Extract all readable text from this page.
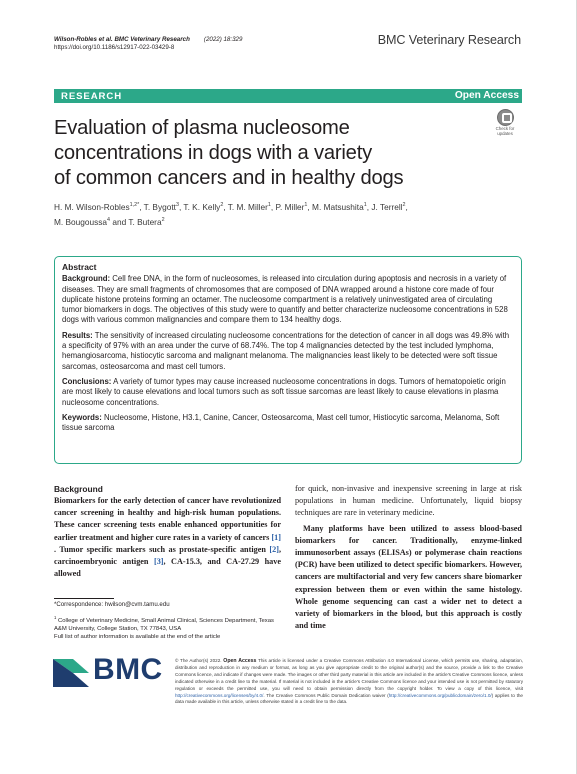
Wilson-Robles et al. BMC Veterinary Research (2022) 18:329
https://doi.org/10.1186/s12917-022-03429-8
BMC Veterinary Research
RESEARCH	Open Access
Check for
updates
Evaluation of plasma nucleosome
concentrations in dogs with a variety
of common cancers and in healthy dogs
H. M. Wilson-Robles$^{1,2*}$, T. Bygott$^3$, T. K. Kelly$^2$, T. M. Miller$^1$, P. Miller$^1$, M. Matsushita$^1$, J. Terrell$^2$,
M. Bougoussa$^4$ and T. Butera$^2$
Abstract

Background: Cell free DNA, in the form of nucleosomes, is released into circulation during apoptosis and necrosis in a variety of diseases. They are small fragments of chromosomes that are composed of DNA wrapped around a histone core made of four duplicate histone proteins forming an octamer. The nucleosome compartment is a relatively uninvestigated area of circulating tumor biomarkers in dogs. The objectives of this study were to quantify and better characterize nucleosome concentrations in 528 dogs with various common malignancies and compare them to 134 healthy dogs.

Results: The sensitivity of increased circulating nucleosome concentrations for the detection of cancer in all dogs was 49.8% with a specificity of 97% with an area under the curve of 68.74%. The top 4 malignancies detected by the test included lymphoma, hemangiosarcoma, histiocytic sarcoma and malignant melanoma. The malignancies least likely to be detected were soft tissue sarcomas, osteosarcoma and mast cell tumors.

Conclusions: A variety of tumor types may cause increased nucleosome concentrations in dogs. Tumors of hematopoietic origin are most likely to cause elevations and local tumors such as soft tissue sarcomas are least likely to cause elevations in plasma nucleosome concentrations.

Keywords: Nucleosome, Histone, H3.1, Canine, Cancer, Osteosarcoma, Mast cell tumor, Histiocytic sarcoma, Melanoma, Soft tissue sarcoma

Background
Biomarkers for the early detection of cancer have revolutionized cancer screening in healthy and high-risk human populations. These cancer screening tests enable enhanced opportunities for earlier treatment and higher cure rates in a variety of cancers [1] . Tumor specific markers such as prostate-specific antigen [2], carcinoembryonic antigen [3], CA-15.3, and CA-27.29 have allowed
for quick, non-invasive and inexpensive screening in large at risk populations in human medicine. Unfortunately, liquid biopsy techniques are rare in veterinary medicine.
Many platforms have been utilized to assess blood-based biomarkers for cancer. Traditionally, enzyme-linked immunosorbent assays (ELISAs) or polymerase chain reactions (PCR) have been utilized to detect specific biomarkers. However, cancers are multifactorial and very few cancers share biomarker expression between them or even within the same histology. Whole genome sequencing can cast a wider net to detect a variety of biomarkers in the blood, but this approach is costly and time
*Correspondence: hwilson@cvm.tamu.edu
$^1$ College of Veterinary Medicine, Small Animal Clinical, Sciences Department, Texas A&M University, College Station, TX 77843, USA
Full list of author information is available at the end of the article
BMC	© The Author(s) 2022. Open Access This article is licensed under a Creative Commons Attribution 4.0 International License, which permits use, sharing, adaptation, distribution and reproduction in any medium or format, as long as you give appropriate credit to the original author(s) and the source, provide a link to the Creative Commons licence, and indicate if changes were made. The images or other third party material in this article are included in the article's Creative Commons licence, unless indicated otherwise in a credit line to the material. If material is not included in the article's Creative Commons licence and your intended use is not permitted by statutory regulation or exceeds the permitted use, you will need to obtain permission directly from the copyright holder. To view a copy of this licence, visit http://creativecommons.org/licenses/by/4.0/. The Creative Commons Public Domain Dedication waiver (http://creativecommons.org/publicdomain/zero/1.0/) applies to the data made available in this article, unless otherwise stated in a credit line to the data.
